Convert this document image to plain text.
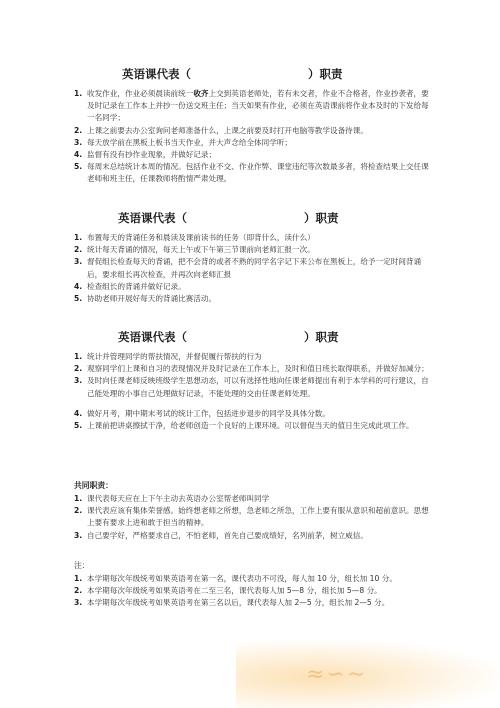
英语课代表（	）职责
1. 收发作业，作业必须晨读前统一收齐上交到英语老师处，若有未交者，作业不合格者，作业抄袭者，要及时记录在工作本上并抄一份送交班主任；当天如果有作业，必须在英语课前将作业本及时的下发给每一名同学；
2. 上课之前要去办公室询问老师准备什么，上课之前要及时打开电脑等教学设备待课。
3. 每天放学前在黑板上板书当天作业，并大声念给全体同学听；
4. 监督有没有抄作业现象，并做好记录；
5. 每周末总结统计本周的情况。包括作业不交、作业作弊、课堂违纪等次数最多者，将检查结果上交任课老师和班主任，任课教师将酌情严肃处理。
英语课代表（	）职责
1. 布置每天的背诵任务和晨读及课前读书的任务（即背什么，读什么）
2. 统计每天背诵的情况，每天上午或下午第三节课前向老师汇报一次。
3. 督促组长检查每天的背诵，把不会背的或者不熟的同学名字记下来公布在黑板上，给予一定时间背诵后，要求组长再次检查，并再次向老师汇报
4. 检查组长的背诵并做好记录。
5. 协助老师开展好每天的背诵比赛活动。
英语课代表（	）职责
1. 统计并管理同学的帮扶情况，并督促履行帮扶的行为
2. 观察同学们上课和自习的表现情况并及时记录在工作本上，及时和值日班长取得联系，并做好加减分；
3. 及时向任课老师反映班级学生思想动态，可以有选择性地向任课老师提出有利于本学科的可行建议，自己能处理的小事自己处理做好记录，不能处理的交由任课老师处理。
4. 做好月考，期中期末考试的统计工作，包括进步退步的同学及具体分数。
5. 上课前把讲桌擦拭干净，给老师创造一个良好的上课环境。可以督促当天的值日生完成此项工作。
共同职责：
1. 课代表每天应在上下午主动去英语办公室帮老师叫同学
2. 课代表应该有集体荣誉感。始终想老师之所想，急老师之所急，工作上要有服从意识和超前意识。思想上要有要求上进和敢于担当的精神。
3. 自己要学好，严格要求自己，不怕老师，首先自己要成绩好，名列前茅，树立威信。
注：
1. 本学期每次年级统考如果英语考在第一名，课代表功不可没，每人加 10 分，组长加 10 分。
2. 本学期每次年级统考如果英语考在二至三名，课代表每人加 5—8 分，组长加 5—8 分。
3. 本学期每次年级统考如果英语考在第三名以后，课代表每人加 2—5 分，组长加 2—5 分。
≈∽∼
